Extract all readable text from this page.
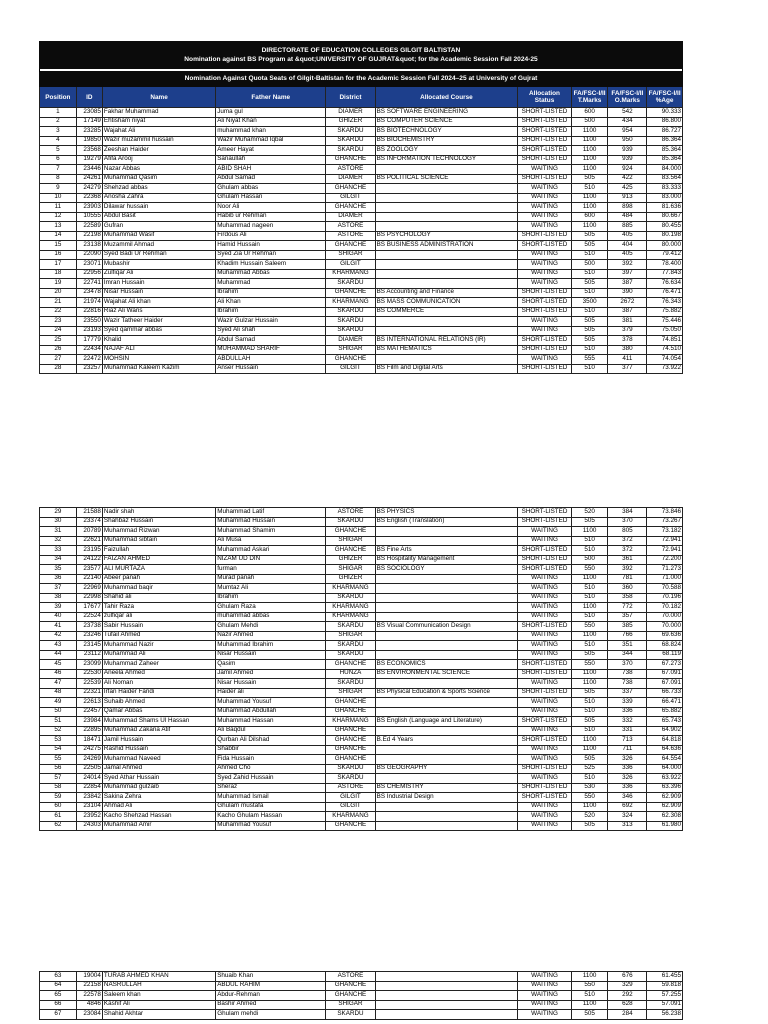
DIRECTORATE OF EDUCATION COLLEGES GILGIT BALTISTAN
Nomination against BS Program at &quot;UNIVERSITY OF GUJRAT&quot; for the Academic Session Fall 2024-25									

Nomination Against Quota Seats of Gilgit-Baltistan for the Academic Session Fall 2024–25 at University of Gujrat									
Position	ID	Name	Father Name	District	Allocated Course	Allocation Status	FA/FSC-I/II T.Marks	FA/FSC-I/II O.Marks	FA/FSC-I/II %Age
1	23085	Fakhar Muhammad	Juma gul	DIAMER	BS SOFTWARE ENGINEERING	SHORT-LISTED	600	542	90.333
2	17149	Ehtisham niyat	Ali Niyat Khan	GHIZER	BS COMPUTER SCIENCE	SHORT-LISTED	500	434	86.800
3	23285	Wajahat Ali	muhammad khan	SKARDU	BS BIOTECHNOLOGY	SHORT-LISTED	1100	954	86.727
4	19850	Wazir muzammil hussain	Wazir Muhammad Iqbal	SKARDU	BS BIOCHEMISTRY	SHORT-LISTED	1100	950	86.364
5	23568	Zeeshan Haider	Ameer Hayat	SKARDU	BS ZOOLOGY	SHORT-LISTED	1100	939	85.364
6	19279	Afifa Arooj	Sanaullah	GHANCHE	BS INFORMATION TECHNOLOGY	SHORT-LISTED	1100	939	85.364
7	23446	Nazar Abbas	ABID SHAH	ASTORE		WAITING	1100	924	84.000
8	24261	Muhammad Qasim	Abdul Samad	DIAMER	BS POLITICAL SCIENCE	SHORT-LISTED	505	422	83.564
9	24279	Shehzad abbas	Ghulam abbas	GHANCHE		WAITING	510	425	83.333
10	22368	Anosha Zahra	Ghulam Hassan	GILGIT		WAITING	1100	913	83.000
11	23903	Dilawar hussain	Noor Ali	GHANCHE		WAITING	1100	898	81.636
12	10555	Abdul Basit	Habib ur Rehman	DIAMER		WAITING	600	484	80.667
13	22589	Gufran	Muhammad nageen	ASTORE		WAITING	1100	885	80.455
14	22198	Muhammad Wasif	Firdous Ali	ASTORE	BS PSYCHOLOGY	SHORT-LISTED	505	405	80.198
15	23138	Muzammil Ahmad	Hamid Hussain	GHANCHE	BS BUSINESS ADMINISTRATION	SHORT-LISTED	505	404	80.000
16	22090	Syed Badi Ur Rehman	Syed Zia Ur Rehman	SHIGAR		WAITING	510	405	79.412
17	23071	Mubashir	Khadim Hussain Saleem	GILGIT		WAITING	500	392	78.400
18	22956	Zulfiqar Ali	Muhammad Abbas	KHARMANG		WAITING	510	397	77.843
19	22741	Imran Hussain	Muhammad	SKARDU		WAITING	505	387	76.634
20	23478	Nisar Hussain	Ibrahim	GHANCHE	BS Accounting and Finance	SHORT-LISTED	510	390	76.471
21	21974	Wajahat Ali khan	Ali Khan	KHARMANG	BS MASS COMMUNICATION	SHORT-LISTED	3500	2672	76.343
22	22816	Riaz Ali Waris	Ibrahim	SKARDU	BS COMMERCE	SHORT-LISTED	510	387	75.882
23	23550	Wazir Tatheer Haider	Wazir Gulzar Hussain	SKARDU		WAITING	505	381	75.446
24	23193	Syed qammar abbas	Syed Ali shah	SKARDU		WAITING	505	379	75.050
25	17779	Khalid	Abdul Samad	DIAMER	BS INTERNATIONAL RELATIONS (IR)	SHORT-LISTED	505	378	74.851
26	22434	NAJAF ALI	MUHAMMAD SHARIF	SHIGAR	BS MATHEMATICS	SHORT-LISTED	510	380	74.510
27	22472	MOHSIN	ABDULLAH	GHANCHE		WAITING	555	411	74.054
28	23257	Muhammad Kaleem Kazim	Anser Hussain	GILGIT	BS Film and Digital Arts	SHORT-LISTED	510	377	73.922
29	21588	Nadir shah	Muhammad Latif	ASTORE	BS PHYSICS	SHORT-LISTED	520	384	73.846
30	23374	Shahbaz Hussain	Muhammad Hussain	SKARDU	BS English (Translation)	SHORT-LISTED	505	370	73.267
31	20789	Muhammad Rizwan	Muhammad Shamim	GHANCHE		WAITING	1100	805	73.182
32	22621	Muhammad sibtain	Ali Musa	SHIGAR		WAITING	510	372	72.941
33	23195	Faizullah	Muhammad Askari	GHANCHE	BS Fine Arts	SHORT-LISTED	510	372	72.941
34	24122	FAIZAN AHMED	NIZAM UD DIN	GHIZER	BS Hospitality Management	SHORT-LISTED	500	361	72.200
35	23577	ALI MURTAZA	furman	SHIGAR	BS SOCIOLOGY	SHORT-LISTED	550	392	71.273
36	22140	Abeer panah	Murad panah	GHIZER		WAITING	1100	781	71.000
37	22969	Muhammad baqir	Mumtaz Ali	KHARMANG		WAITING	510	360	70.588
38	22998	Shahid ali	Ibrahim	SKARDU		WAITING	510	358	70.196
39	17677	Tahir Raza	Ghulam Raza	KHARMANG		WAITING	1100	772	70.182
40	22524	zulfiqar ali	muhammad abbas	KHARMANG		WAITING	510	357	70.000
41	23738	Sabir Hussain	Ghulam Mehdi	SKARDU	BS Visual Communication Design	SHORT-LISTED	550	385	70.000
42	23246	Tufail Ahmed	Nazir Ahmed	SHIGAR		WAITING	1100	766	69.636
43	23145	Muhammad Nazir	Muhammad Ibrahim	SKARDU		WAITING	510	351	68.824
44	23112	Muhammad Ali	Nisar Hussain	SKARDU		WAITING	505	344	68.119
45	23099	Muhammad Zaheer	Qasim	GHANCHE	BS ECONOMICS	SHORT-LISTED	550	370	67.273
46	22530	Aneela Ahmed	Jamil Ahmed	HUNZA	BS ENVIRONMENTAL SCIENCE	SHORT-LISTED	1100	738	67.091
47	22539	Ali Noman	Nisar Hussain	SKARDU		WAITING	1100	738	67.091
48	22321	Irfan Haider Faridi	Haider ali	SHIGAR	BS Physical Education & Sports Science	SHORT-LISTED	505	337	66.733
49	22613	Suhaib Ahmed	Muhammad Yousuf	GHANCHE		WAITING	510	339	66.471
50	22457	Qamar Abbas	Muhammad Abdullah	GHANCHE		WAITING	510	336	65.882
51	23984	Muhammad Shams Ul Hassan	Muhammad Hassan	KHARMANG	BS English (Language and Literature)	SHORT-LISTED	505	332	65.743
52	22895	Muhammad Zakaria Atif	Ali Baqdul	GHANCHE		WAITING	510	331	64.902
53	18471	Jamil Hussain	Qurban Ali Dilshad	GHANCHE	B.Ed 4 Years	SHORT-LISTED	1100	713	64.818
54	24275	Rashid Hussain	Shabbir	GHANCHE		WAITING	1100	711	64.636
55	24269	Muhammad Naveed	Fida Hussain	GHANCHE		WAITING	505	326	64.554
56	22505	Jamal Ahmed	Ahmed Cho	SKARDU	BS GEOGRAPHY	SHORT-LISTED	525	336	64.000
57	24014	Syed Athar Hussain	Syed Zahid Hussain	SKARDU		WAITING	510	326	63.922
58	22854	Muhammad gulzaib	Sheraz	ASTORE	BS CHEMISTRY	SHORT-LISTED	530	336	63.396
59	23842	Sakina Zehra	Muhammad Ismail	GILGIT	BS Industrial Design	SHORT-LISTED	550	346	62.909
60	23104	Ahmad Ali	Ghulam mustafa	GILGIT		WAITING	1100	692	62.909
61	23952	Kacho Shehzad Hassan	Kacho Ghulam Hassan	KHARMANG		WAITING	520	324	62.308
62	24303	Muhammad Amir	Muhammad Yousuf	GHANCHE		WAITING	505	313	61.980
63	19004	TURAB AHMED KHAN	Shuaib Khan	ASTORE		WAITING	1100	676	61.455
64	22158	NASRULLAH	ABDUL RAHIM	GHANCHE		WAITING	550	329	59.818
65	22578	Saleem khan	Abdur-Rehman	GHANCHE		WAITING	510	292	57.255
66	4846	Kashif Ali	Bashir Ahmed	SHIGAR		WAITING	1100	628	57.091
67	23084	Shahid Akhtar	Ghulam mehdi	SKARDU		WAITING	505	284	56.238
